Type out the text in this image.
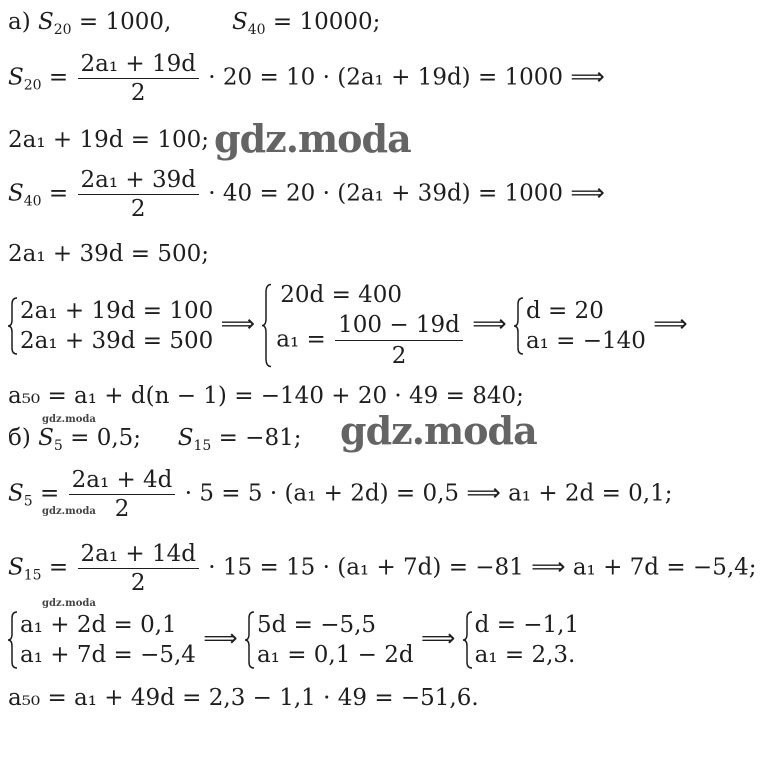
а) $S_{20} = 1000$,	$S_{40} = 10000$;
$S_{20} = \frac{\text{2a₁ + 19d}}{2} \cdot 20 = 10 \cdot (2a_1 + 19d) = 1000$ ⟹
2a₁ + 19d = 100;
$S_{40} = \frac{\text{2a₁ + 39d}}{2} \cdot 40 = 20 \cdot (2a_1 + 39d) = 1000$ ⟹
2a₁ + 39d = 500;
2a₁ + 19d = 100
2a₁ + 39d = 500
⟹
20d = 400
$a_1 = \frac{100 - 19d}{2}$ ⟹ d = 20
a₁ = −140
⟹
a₅₀ = a₁ + d(n − 1) = −140 + 20 · 49 = 840;
б) $S_5 = 0,5$; $S_{15} = -81$;
$S_5 = \frac{\text{2a₁ + 4d}}{2} \cdot 5 = 5 \cdot (a_1 + 2d) = 0,5$ ⟹ a₁ + 2d = 0,1;
$S_{15} = \frac{\text{2a₁ + 14d}}{2} \cdot 15 = 15 \cdot (a_1 + 7d) = -81$ ⟹ a₁ + 7d = −5,4;
a₁ + 2d = 0,1
a₁ + 7d = −5,4
⟹ 5d = −5,5
a₁ = 0,1 − 2d
⟹ d = −1,1
a₁ = 2,3.
a₅₀ = a₁ + 49d = 2,3 − 1,1 · 49 = −51,6.
gdz.moda
gdz.moda
gdz.moda
gdz.moda
gdz.moda
